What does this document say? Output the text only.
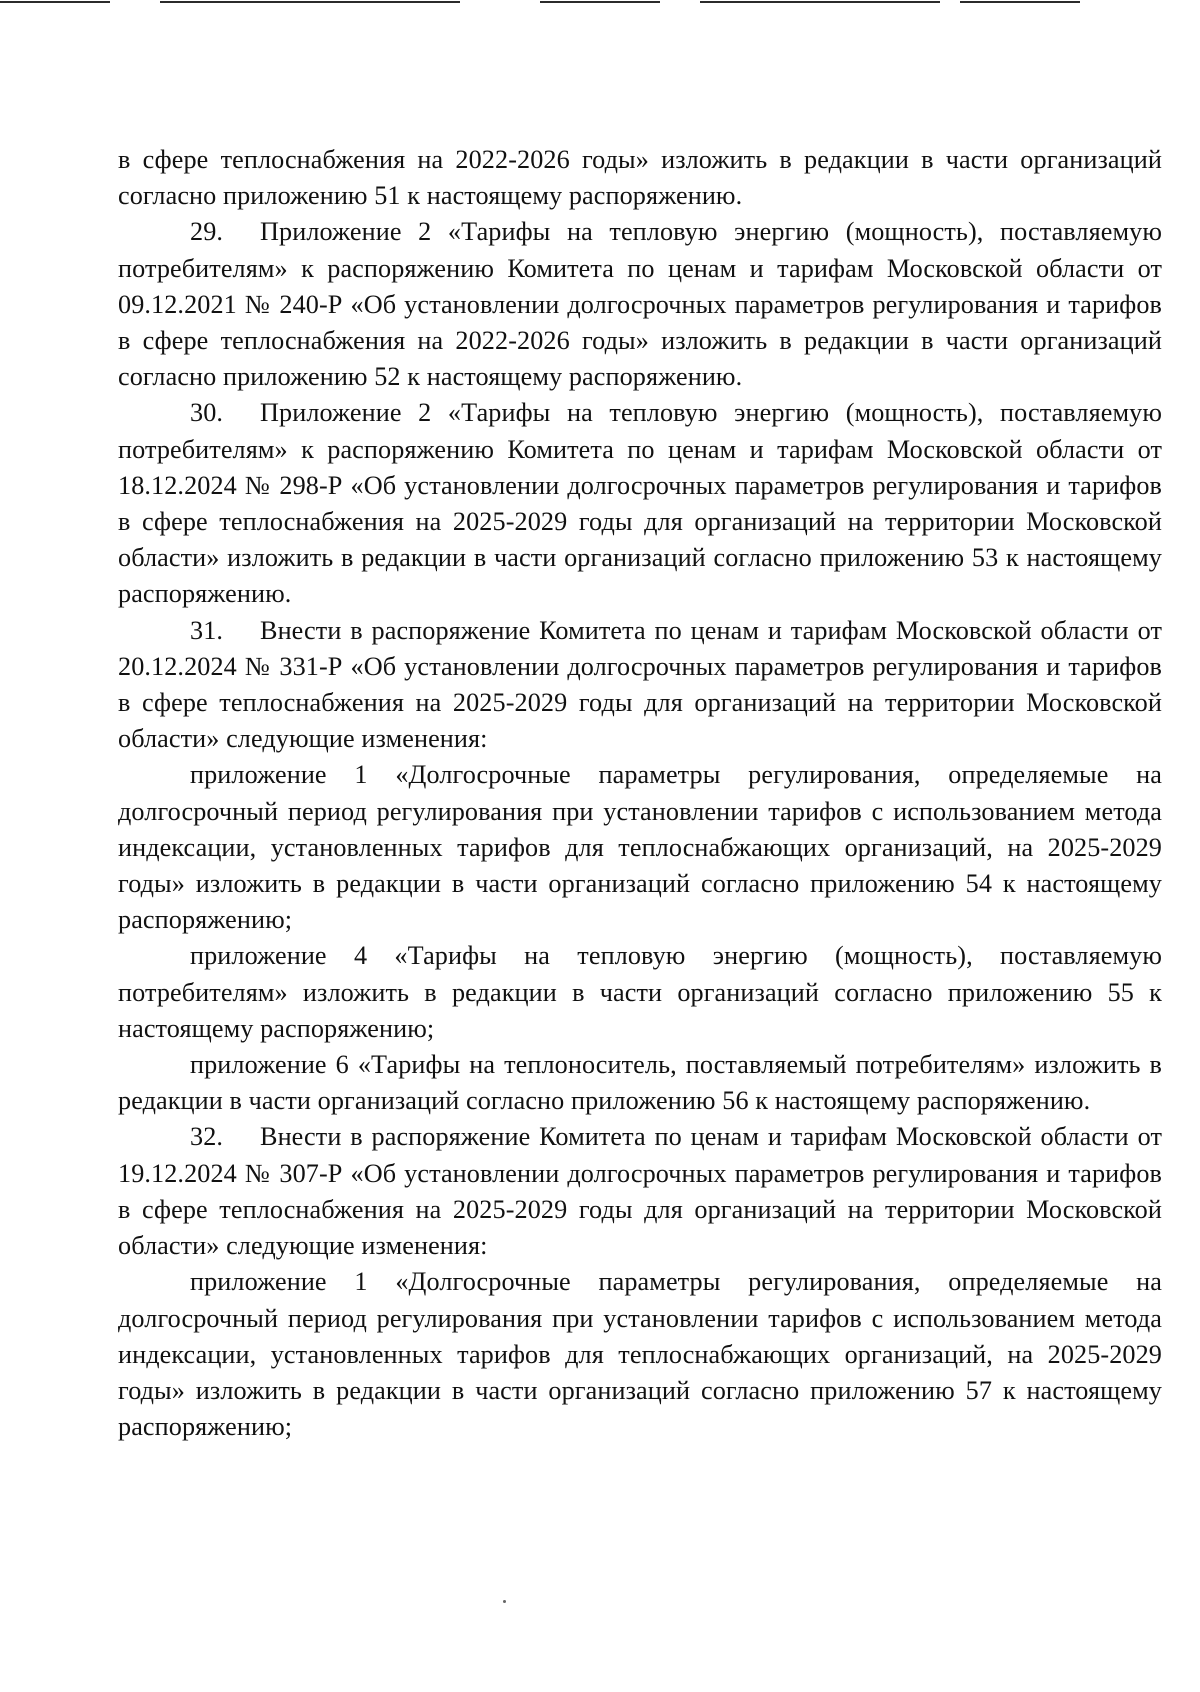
в сфере теплоснабжения на 2022-2026 годы» изложить в редакции в части организаций согласно приложению 51 к настоящему распоряжению.

29. Приложение 2 «Тарифы на тепловую энергию (мощность), поставляемую потребителям» к распоряжению Комитета по ценам и тарифам Московской области от 09.12.2021 № 240-Р «Об установлении долгосрочных параметров регулирования и тарифов в сфере теплоснабжения на 2022-2026 годы» изложить в редакции в части организаций согласно приложению 52 к настоящему распоряжению.

30. Приложение 2 «Тарифы на тепловую энергию (мощность), поставляемую потребителям» к распоряжению Комитета по ценам и тарифам Московской области от 18.12.2024 № 298-Р «Об установлении долгосрочных параметров регулирования и тарифов в сфере теплоснабжения на 2025-2029 годы для организаций на территории Московской области» изложить в редакции в части организаций согласно приложению 53 к настоящему распоряжению.

31. Внести в распоряжение Комитета по ценам и тарифам Московской области от 20.12.2024 № 331-Р «Об установлении долгосрочных параметров регулирования и тарифов в сфере теплоснабжения на 2025-2029 годы для организаций на территории Московской области» следующие изменения:

приложение 1 «Долгосрочные параметры регулирования, определяемые на долгосрочный период регулирования при установлении тарифов с использованием метода индексации, установленных тарифов для теплоснабжающих организаций, на 2025-2029 годы» изложить в редакции в части организаций согласно приложению 54 к настоящему распоряжению;

приложение 4 «Тарифы на тепловую энергию (мощность), поставляемую потребителям» изложить в редакции в части организаций согласно приложению 55 к настоящему распоряжению;

приложение 6 «Тарифы на теплоноситель, поставляемый потребителям» изложить в редакции в части организаций согласно приложению 56 к настоящему распоряжению.

32. Внести в распоряжение Комитета по ценам и тарифам Московской области от 19.12.2024 № 307-Р «Об установлении долгосрочных параметров регулирования и тарифов в сфере теплоснабжения на 2025-2029 годы для организаций на территории Московской области» следующие изменения:

приложение 1 «Долгосрочные параметры регулирования, определяемые на долгосрочный период регулирования при установлении тарифов с использованием метода индексации, установленных тарифов для теплоснабжающих организаций, на 2025-2029 годы» изложить в редакции в части организаций согласно приложению 57 к настоящему распоряжению;
